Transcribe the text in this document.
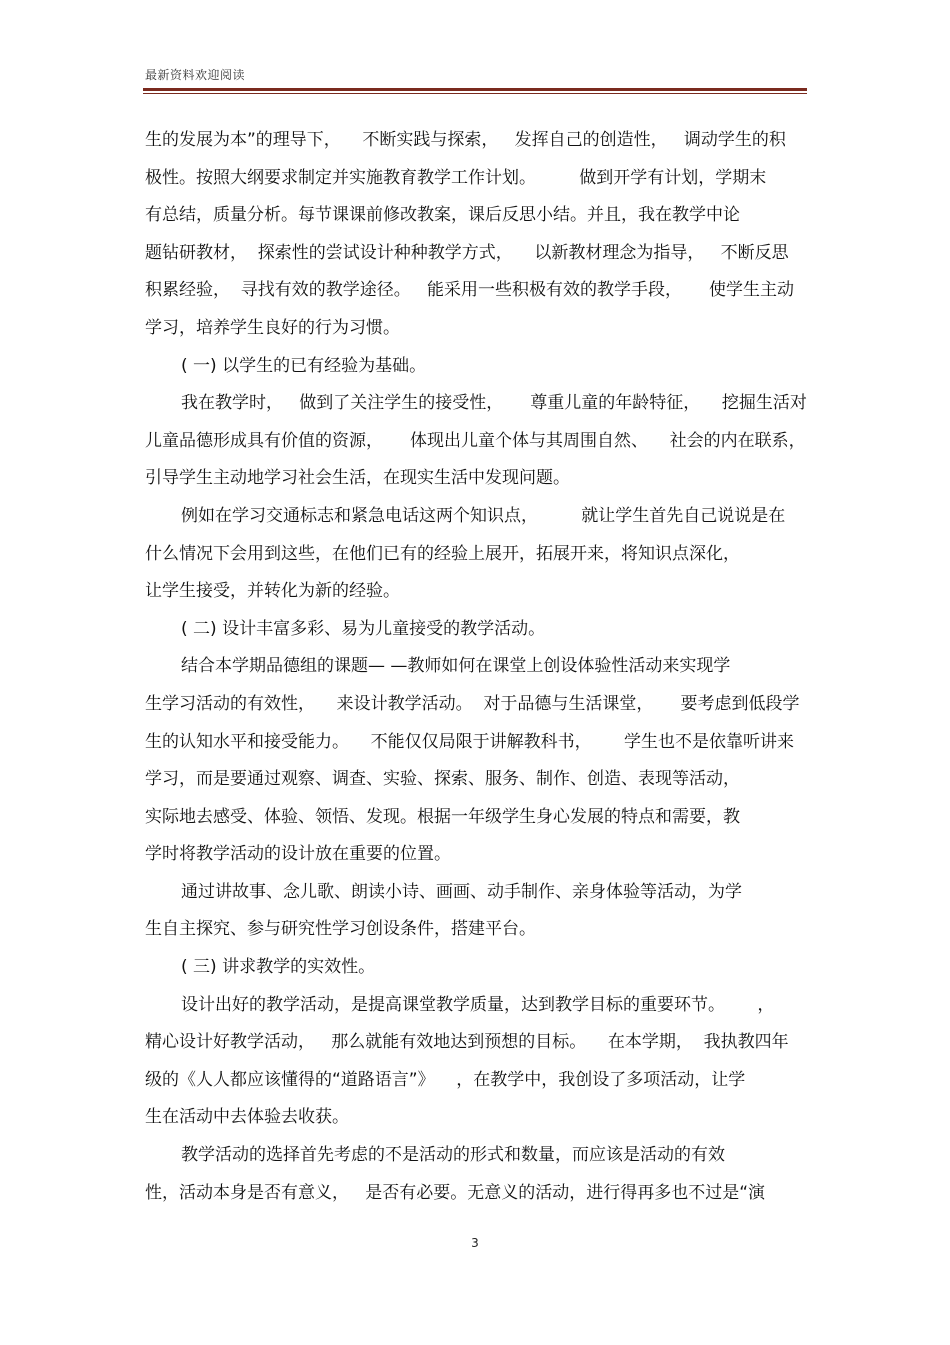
最新资料欢迎阅读
生的发展为本”的理导下，    不断实践与探索，   发挥自己的创造性，   调动学生的积
极性。按照大纲要求制定并实施教育教学工作计划。        做到开学有计划，学期末
有总结，质量分析。每节课课前修改教案，课后反思小结。并且，我在教学中论
题钻研教材，  探索性的尝试设计种种教学方式，    以新教材理念为指导，   不断反思
积累经验，  寻找有效的教学途径。   能采用一些积极有效的教学手段，     使学生主动
学习，培养学生良好的行为习惯。
( 一) 以学生的已有经验为基础。
我在教学时，   做到了关注学生的接受性，     尊重儿童的年龄特征，    挖掘生活对
儿童品德形成具有价值的资源，     体现出儿童个体与其周围自然、    社会的内在联系，
引导学生主动地学习社会生活，在现实生活中发现问题。
例如在学习交通标志和紧急电话这两个知识点，        就让学生首先自己说说是在
什么情况下会用到这些，在他们已有的经验上展开，拓展开来，将知识点深化，
让学生接受，并转化为新的经验。
( 二) 设计丰富多彩、易为儿童接受的教学活动。
结合本学期品德组的课题— —教师如何在课堂上创设体验性活动来实现学
生学习活动的有效性，    来设计教学活动。  对于品德与生活课堂，     要考虑到低段学
生的认知水平和接受能力。    不能仅仅局限于讲解教科书，      学生也不是依靠听讲来
学习，而是要通过观察、调查、实验、探索、服务、制作、创造、表现等活动，
实际地去感受、体验、领悟、发现。根据一年级学生身心发展的特点和需要，教
学时将教学活动的设计放在重要的位置。
通过讲故事、念儿歌、朗读小诗、画画、动手制作、亲身体验等活动，为学
生自主探究、参与研究性学习创设条件，搭建平台。
( 三) 讲求教学的实效性。
设计出好的教学活动，是提高课堂教学质量，达到教学目标的重要环节。      ，
精心设计好教学活动，   那么就能有效地达到预想的目标。    在本学期，  我执教四年
级的《人人都应该懂得的“道路语言”》    ，在教学中，我创设了多项活动，让学
生在活动中去体验去收获。
教学活动的选择首先考虑的不是活动的形式和数量，而应该是活动的有效
性，活动本身是否有意义，   是否有必要。无意义的活动，进行得再多也不过是“演
3
